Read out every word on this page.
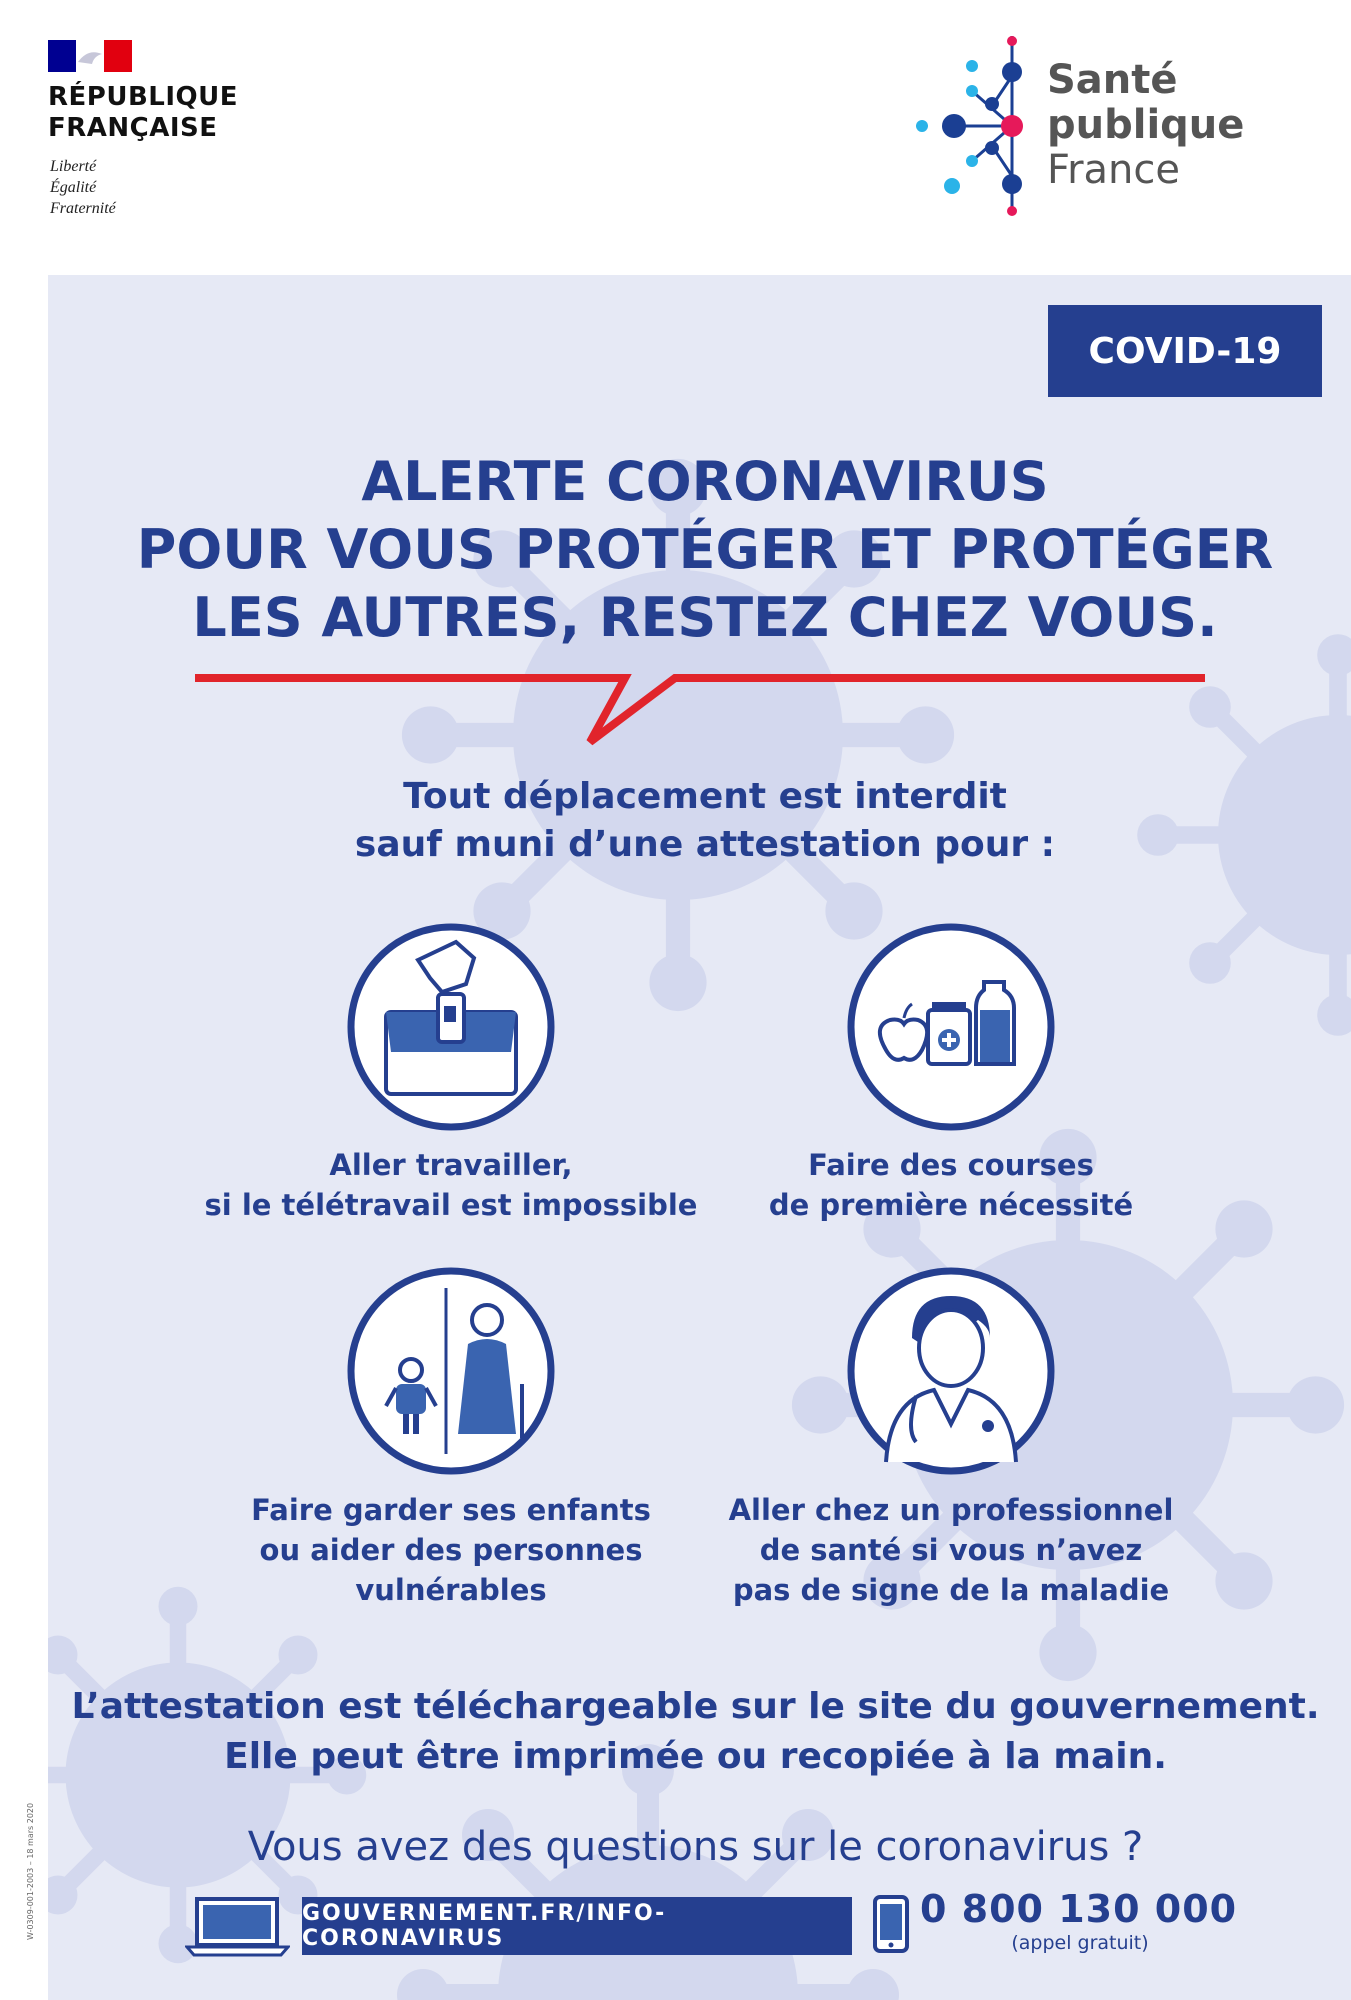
RÉPUBLIQUE
FRANÇAISE
Liberté
Égalité
Fraternité
Santé
publique
France
COVID-19
ALERTE CORONAVIRUS
POUR VOUS PROTÉGER ET PROTÉGER
LES AUTRES, RESTEZ CHEZ VOUS.
Tout déplacement est interdit
sauf muni d’une attestation pour :
Aller travailler,
si le télétravail est impossible
Faire des courses
de première nécessité
Faire garder ses enfants
ou aider des personnes
vulnérables
Aller chez un professionnel
de santé si vous n’avez
pas de signe de la maladie
L’attestation est téléchargeable sur le site du gouvernement.
Elle peut être imprimée ou recopiée à la main.
Vous avez des questions sur le coronavirus ?
GOUVERNEMENT.FR/INFO-CORONAVIRUS
0 800 130 000
(appel gratuit)
W-0309-001-2003 – 18 mars 2020
